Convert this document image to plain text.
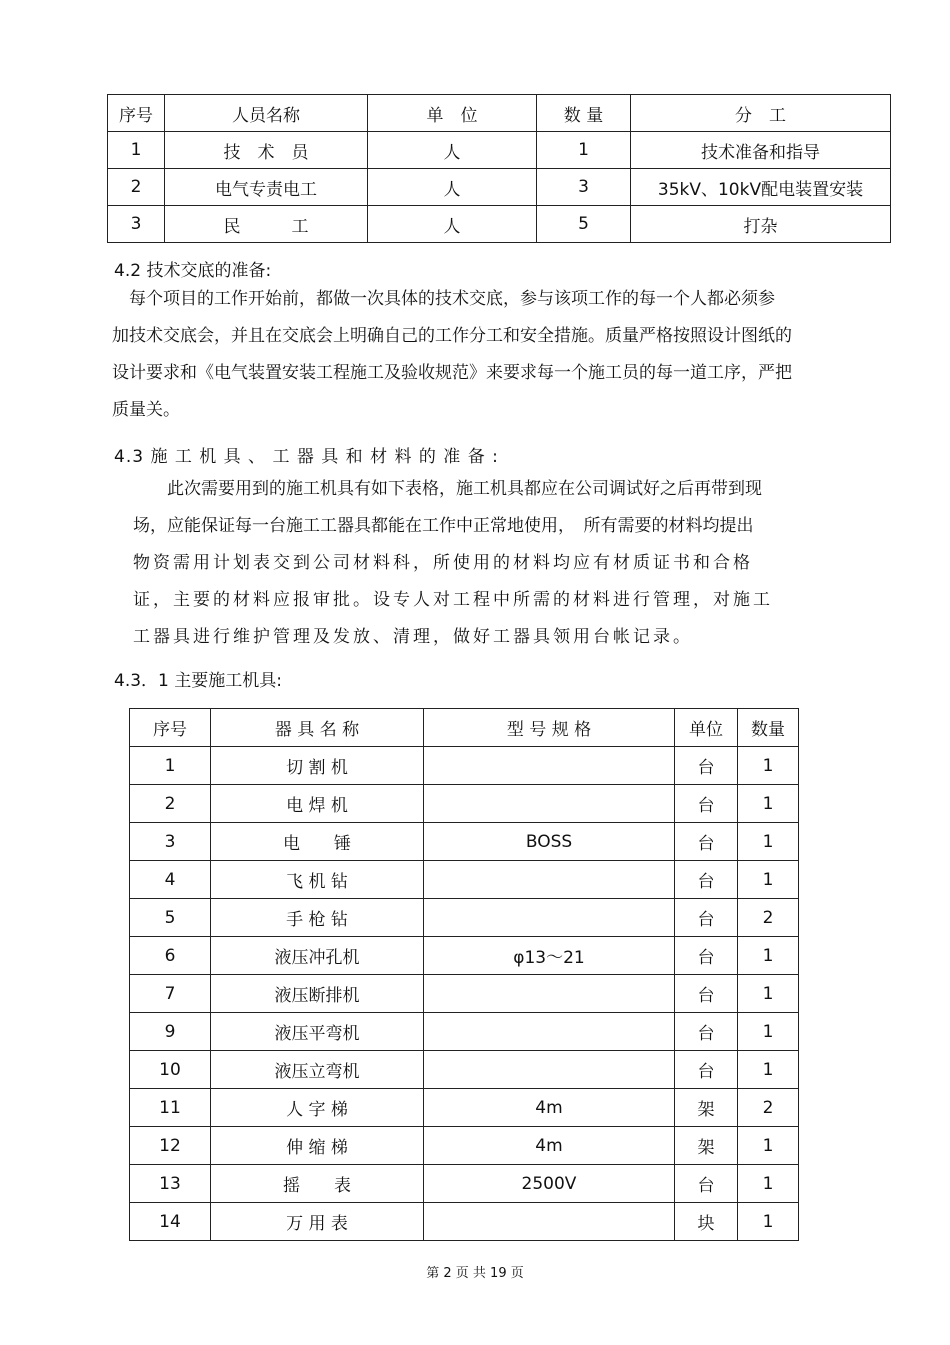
序号	人员名称	单　位	数 量	分　工
1	技　术　员	人	1	技术准备和指导
2	电气专责电工	人	3	35kV、10kV配电装置安装
3	民　　　工	人	5	打杂
4.2 技术交底的准备:
　每个项目的工作开始前，都做一次具体的技术交底，参与该项工作的每一个人都必须参
加技术交底会，并且在交底会上明确自己的工作分工和安全措施。质量严格按照设计图纸的
设计要求和《电气装置安装工程施工及验收规范》来要求每一个施工员的每一道工序，严把
质量关。
4.3 施 工 机 具 、 工 器 具 和 材 料 的 准 备 :
　此次需要用到的施工机具有如下表格，施工机具都应在公司调试好之后再带到现
场，应能保证每一台施工工器具都能在工作中正常地使用，　所有需要的材料均提出
物资需用计划表交到公司材料科，所使用的材料均应有材质证书和合格
证，主要的材料应报审批。设专人对工程中所需的材料进行管理，对施工
工器具进行维护管理及发放、清理，做好工器具领用台帐记录。
4.3．1 主要施工机具:
序号	器 具 名 称	型 号 规 格	单位	数量
1	切 割 机		台	1
2	电 焊 机		台	1
3	电　　锤	BOSS	台	1
4	飞 机 钻		台	1
5	手 枪 钻		台	2
6	液压冲孔机	φ13～21	台	1
7	液压断排机		台	1
9	液压平弯机		台	1
10	液压立弯机		台	1
11	人 字 梯	4m	架	2
12	伸 缩 梯	4m	架	1
13	摇　　表	2500V	台	1
14	万 用 表		块	1
第 2 页 共 19 页
